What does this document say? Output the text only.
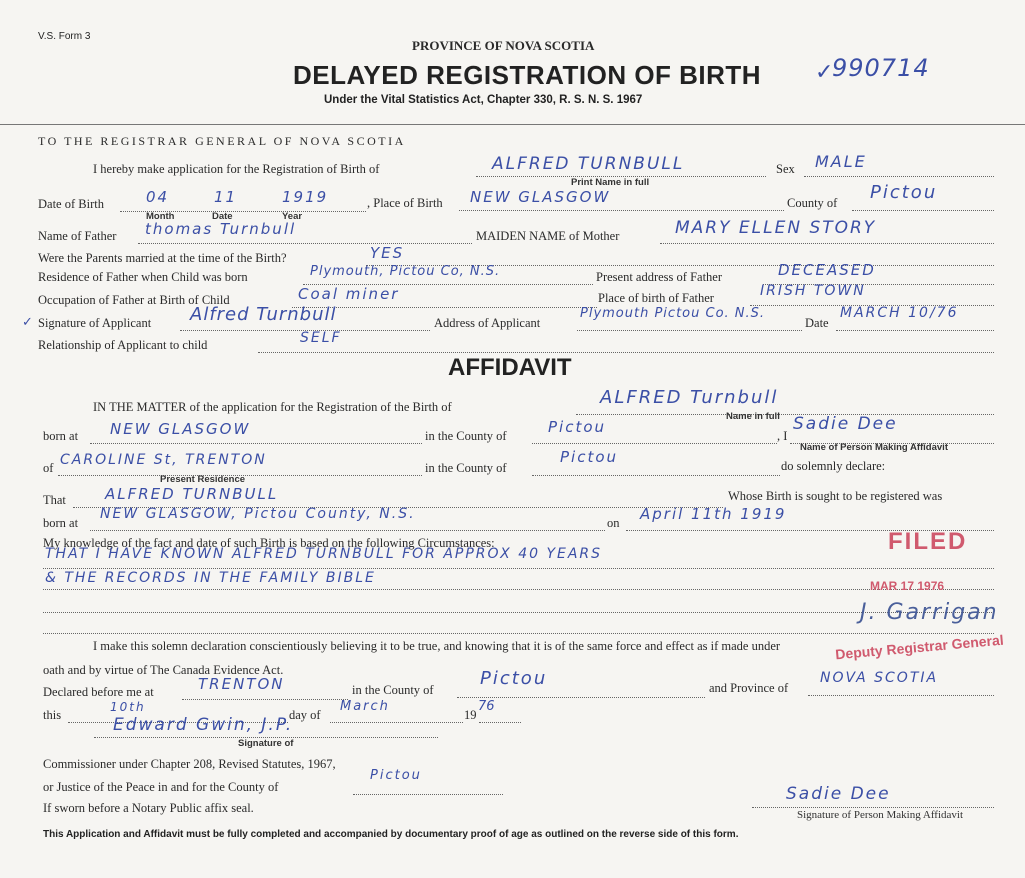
V.S. Form 3
PROVINCE OF NOVA SCOTIA
DELAYED REGISTRATION OF BIRTH
Under the Vital Statistics Act, Chapter 330, R. S. N. S. 1967
✓
990714
TO THE REGISTRAR GENERAL OF NOVA SCOTIA
I hereby make application for the Registration of Birth of	ALFRED TURNBULL
Print Name in full
Sex MALE
Date of Birth	04	11	1919
Month	Date	Year
, Place of Birth NEW GLASGOW	County of Pictou
Name of Father thomas Turnbull	MAIDEN NAME of Mother	MARY ELLEN STORY
Were the Parents married at the time of the Birth?	YES
Residence of Father when Child was born	Plymouth, Pictou Co, N.S.	Present address of Father	DECEASED
Occupation of Father at Birth of Child	Coal miner	Place of birth of Father	IRISH TOWN
✓ Signature of Applicant Alfred Turnbull	Address of Applicant
Plymouth Pictou Co. N.S.
Date
MARCH 10/76
Relationship of Applicant to child	SELF
AFFIDAVIT
IN THE MATTER of the application for the Registration of the Birth of	ALFRED Turnbull
Name in full
born at NEW GLASGOW	in the County of	Pictou	, I
Sadie Dee
Name of Person Making Affidavit
of CAROLINE St, TRENTON
Present Residence
in the County of
Pictou	do solemnly declare:
That	ALFRED TURNBULL	Whose Birth is sought to be registered was
born at
NEW GLASGOW, Pictou County, N.S.
on April 11th 1919
My knowledge of the fact and date of such Birth is based on the following Circumstances:
THAT I HAVE KNOWN ALFRED TURNBULL FOR APPROX 40 YEARS
& THE RECORDS IN THE FAMILY BIBLE
FILED
MAR 17 1976
J. Garrigan
Deputy Registrar General
I make this solemn declaration conscientiously believing it to be true, and knowing that it is of the same force and effect as if made under
oath and by virtue of The Canada Evidence Act.
Declared before me at	TRENTON	in the County of
Pictou	and Province of
NOVA SCOTIA
this
10th
day of
March
19
76
Edward Gwin, J.P.
Signature of
Commissioner under Chapter 208, Revised Statutes, 1967,
or Justice of the Peace in and for the County of
Pictou
If sworn before a Notary Public affix seal.
Sadie Dee
Signature of Person Making Affidavit
This Application and Affidavit must be fully completed and accompanied by documentary proof of age as outlined on the reverse side of this form.
